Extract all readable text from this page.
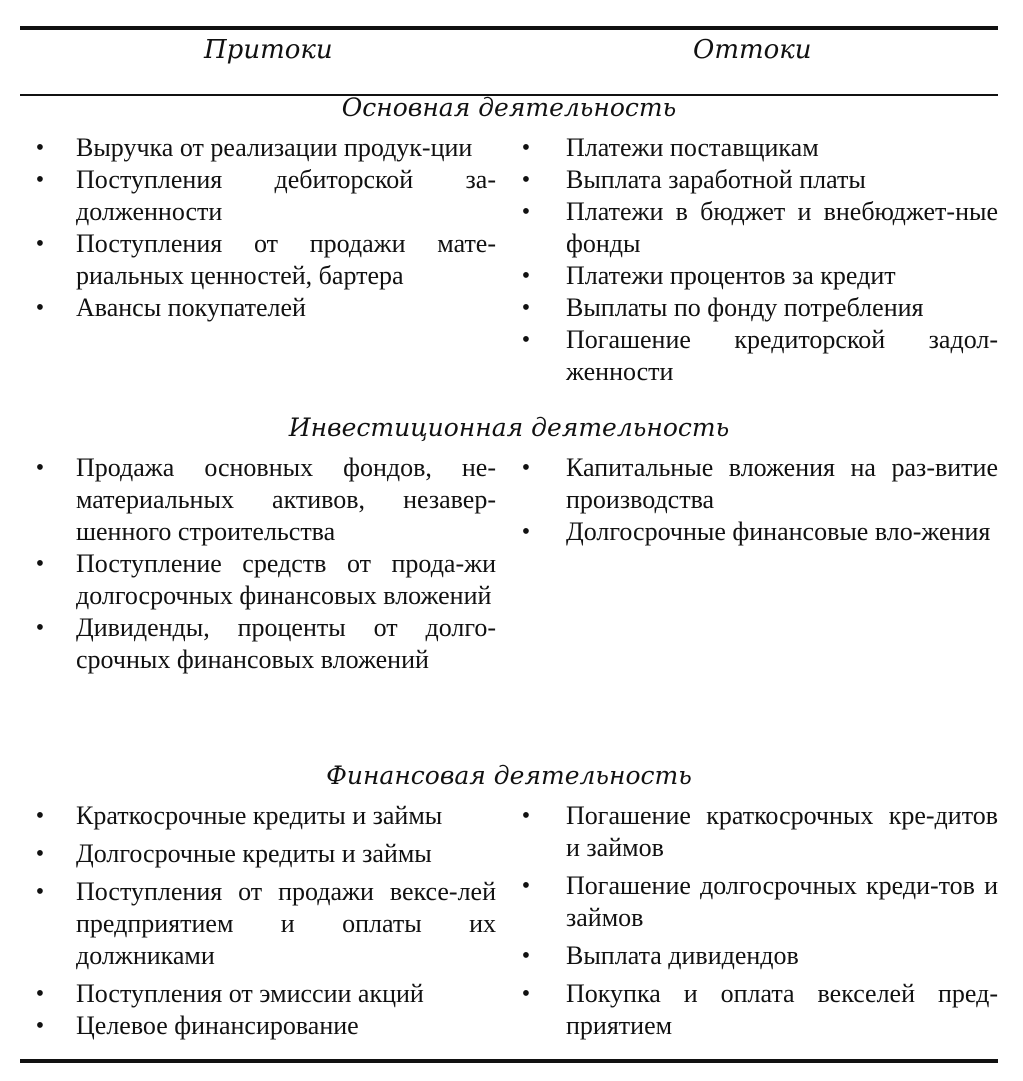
Притоки	Оттоки
Основная деятельность
• Выручка от реализации продук-ции
• Поступления дебиторской за-долженности
• Поступления от продажи мате-риальных ценностей, бартера
• Авансы покупателей
• Платежи поставщикам
• Выплата заработной платы
• Платежи в бюджет и внебюджет-ные фонды
• Платежи процентов за кредит
• Выплаты по фонду потребления
• Погашение кредиторской задол-женности
Инвестиционная деятельность
• Продажа основных фондов, не-материальных активов, незавер-шенного строительства
• Поступление средств от прода-жи долгосрочных финансовых вложений
• Дивиденды, проценты от долго-срочных финансовых вложений
• Капитальные вложения на раз-витие производства
• Долгосрочные финансовые вло-жения
Финансовая деятельность
• Краткосрочные кредиты и займы
• Долгосрочные кредиты и займы
• Поступления от продажи вексе-лей предприятием и оплаты их должниками
• Поступления от эмиссии акций
• Целевое финансирование
• Погашение краткосрочных кре-дитов и займов
• Погашение долгосрочных креди-тов и займов
• Выплата дивидендов
• Покупка и оплата векселей пред-приятием
